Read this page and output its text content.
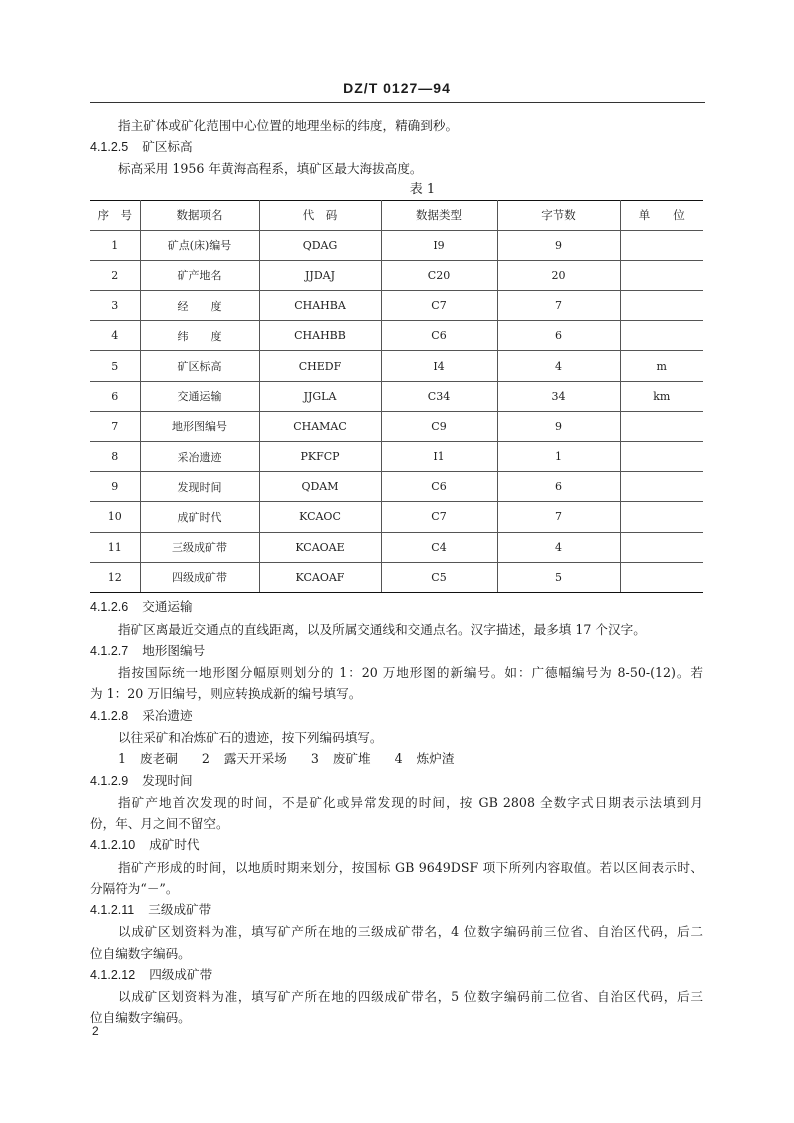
DZ/T 0127—94
指主矿体或矿化范围中心位置的地理坐标的纬度，精确到秒。
4.1.2.5 矿区标高
标高采用 1956 年黄海高程系，填矿区最大海拔高度。
表 1
序　号	数据项名	代　码	数据类型	字节数	单　　位
1	矿点(床)编号	QDAG	I9	9	
2	矿产地名	JJDAJ	C20	20	
3	经　　度	CHAHBA	C7	7	
4	纬　　度	CHAHBB	C6	6	
5	矿区标高	CHEDF	I4	4	m
6	交通运输	JJGLA	C34	34	km
7	地形图编号	CHAMAC	C9	9	
8	采冶遗迹	PKFCP	I1	1	
9	发现时间	QDAM	C6	6	
10	成矿时代	KCAOC	C7	7	
11	三级成矿带	KCAOAE	C4	4	
12	四级成矿带	KCAOAF	C5	5	
4.1.2.6 交通运输
指矿区离最近交通点的直线距离，以及所属交通线和交通点名。汉字描述，最多填 17 个汉字。
4.1.2.7 地形图编号
指按国际统一地形图分幅原则划分的 1：20 万地形图的新编号。如：广德幅编号为 8-50-(12)。若
为 1：20 万旧编号，则应转换成新的编号填写。
4.1.2.8 采冶遗迹
以往采矿和冶炼矿石的遗迹，按下列编码填写。
1 废老硐 2 露天开采场 3 废矿堆 4 炼炉渣
4.1.2.9 发现时间
指矿产地首次发现的时间，不是矿化或异常发现的时间，按 GB 2808 全数字式日期表示法填到月
份，年、月之间不留空。
4.1.2.10 成矿时代
指矿产形成的时间，以地质时期来划分，按国标 GB 9649DSF 项下所列内容取值。若以区间表示时、
分隔符为“－”。
4.1.2.11 三级成矿带
以成矿区划资料为准，填写矿产所在地的三级成矿带名，4 位数字编码前三位省、自治区代码，后二
位自编数字编码。
4.1.2.12 四级成矿带
以成矿区划资料为准，填写矿产所在地的四级成矿带名，5 位数字编码前二位省、自治区代码，后三
位自编数字编码。
2
